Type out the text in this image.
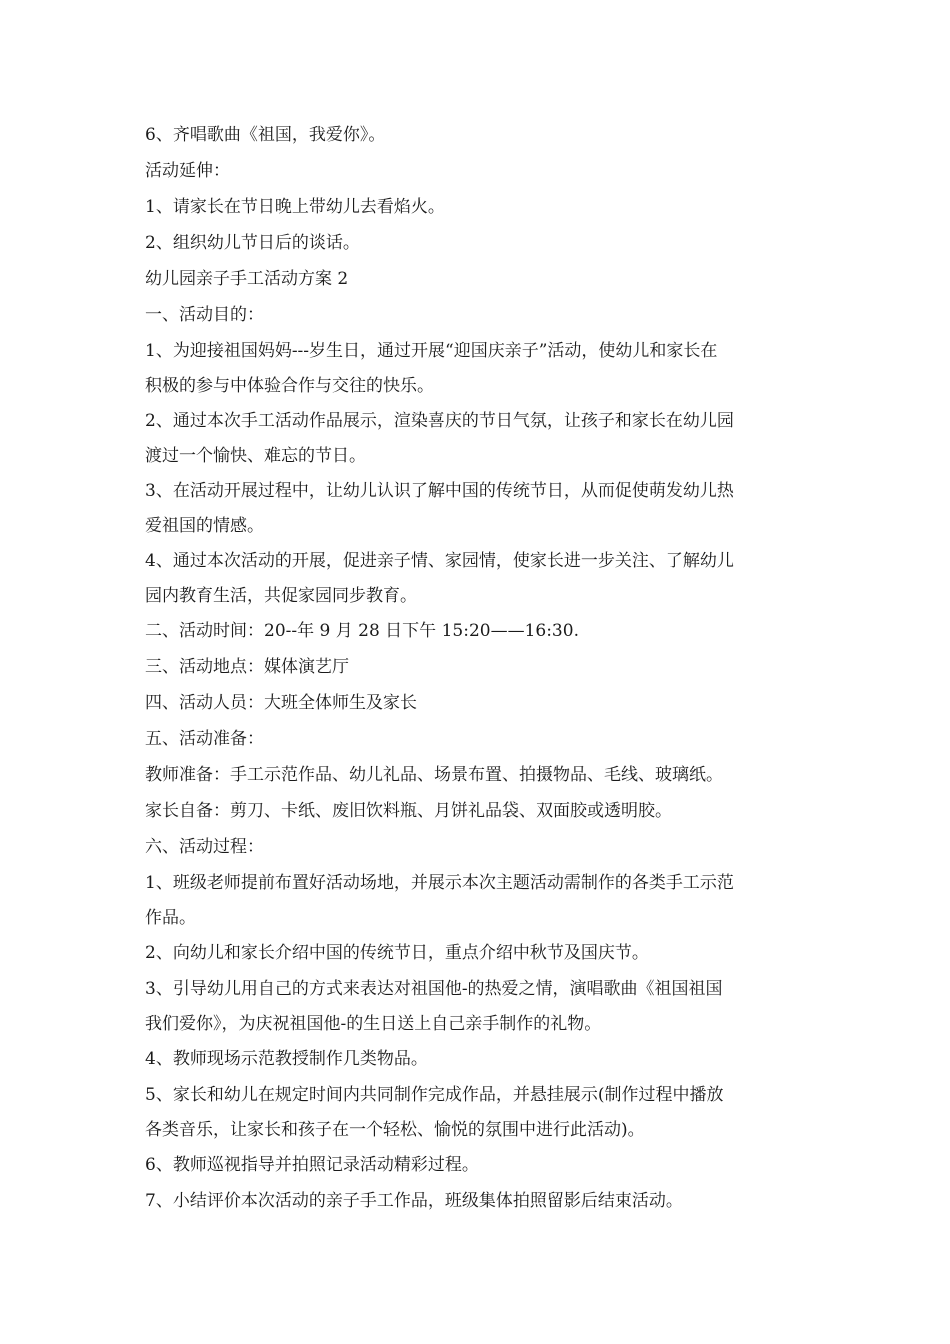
6、齐唱歌曲《祖国，我爱你》。
活动延伸：
1、请家长在节日晚上带幼儿去看焰火。
2、组织幼儿节日后的谈话。
幼儿园亲子手工活动方案 2
一、活动目的：
1、为迎接祖国妈妈---岁生日，通过开展“迎国庆亲子”活动，使幼儿和家长在
积极的参与中体验合作与交往的快乐。
2、通过本次手工活动作品展示，渲染喜庆的节日气氛，让孩子和家长在幼儿园
渡过一个愉快、难忘的节日。
3、在活动开展过程中，让幼儿认识了解中国的传统节日，从而促使萌发幼儿热
爱祖国的情感。
4、通过本次活动的开展，促进亲子情、家园情，使家长进一步关注、了解幼儿
园内教育生活，共促家园同步教育。
二、活动时间：20--年 9 月 28 日下午 15:20——16:30.
三、活动地点：媒体演艺厅
四、活动人员：大班全体师生及家长
五、活动准备：
教师准备：手工示范作品、幼儿礼品、场景布置、拍摄物品、毛线、玻璃纸。
家长自备：剪刀、卡纸、废旧饮料瓶、月饼礼品袋、双面胶或透明胶。
六、活动过程：
1、班级老师提前布置好活动场地，并展示本次主题活动需制作的各类手工示范
作品。
2、向幼儿和家长介绍中国的传统节日，重点介绍中秋节及国庆节。
3、引导幼儿用自己的方式来表达对祖国他-的热爱之情，演唱歌曲《祖国祖国
我们爱你》，为庆祝祖国他-的生日送上自己亲手制作的礼物。
4、教师现场示范教授制作几类物品。
5、家长和幼儿在规定时间内共同制作完成作品，并悬挂展示(制作过程中播放
各类音乐，让家长和孩子在一个轻松、愉悦的氛围中进行此活动)。
6、教师巡视指导并拍照记录活动精彩过程。
7、小结评价本次活动的亲子手工作品，班级集体拍照留影后结束活动。
